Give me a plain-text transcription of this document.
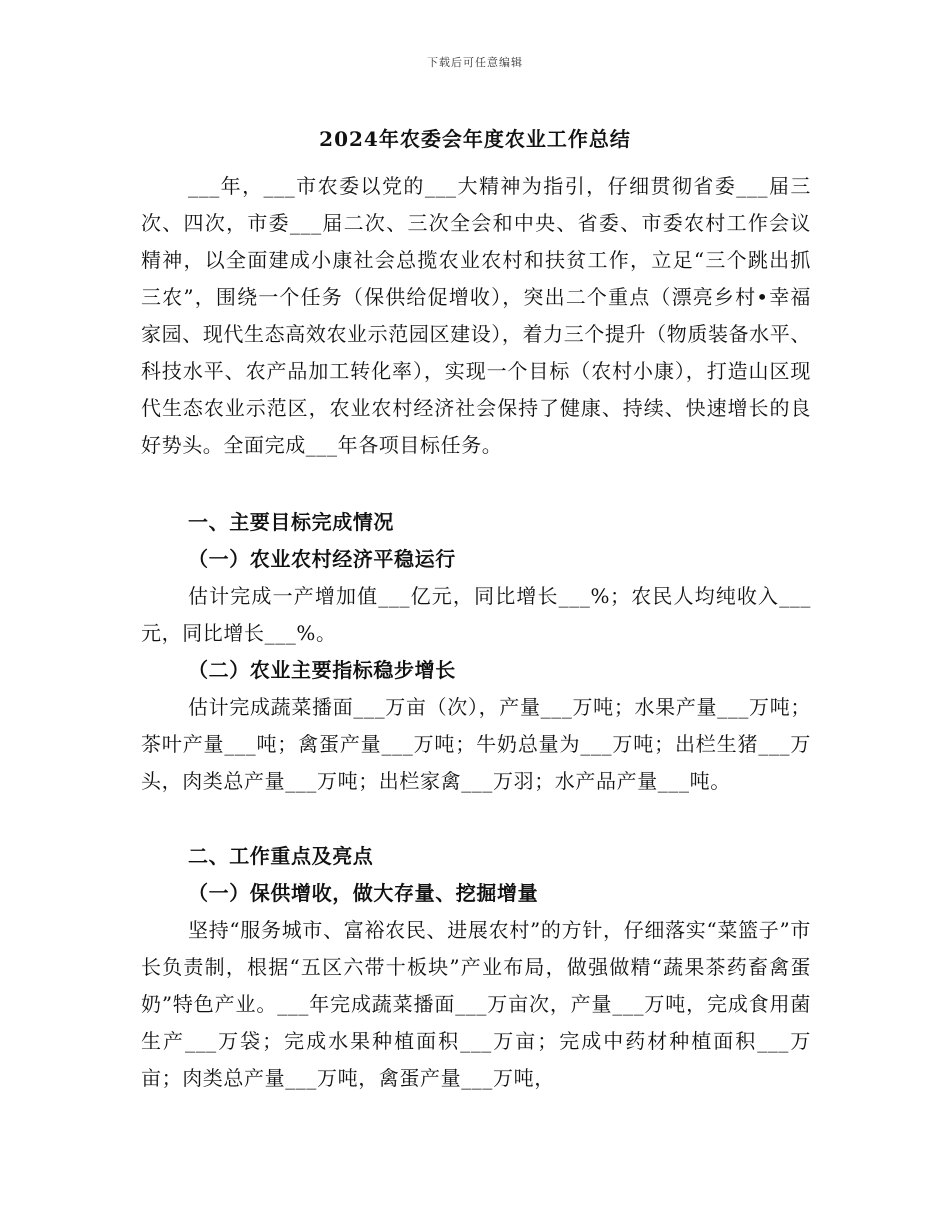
下载后可任意编辑
2024年农委会年度农业工作总结

___年，___市农委以党的___大精神为指引，仔细贯彻省委___届三次、四次，市委___届二次、三次全会和中央、省委、市委农村工作会议精神，以全面建成小康社会总揽农业农村和扶贫工作，立足“三个跳出抓三农”，围绕一个任务（保供给促增收），突出二个重点（漂亮乡村•幸福家园、现代生态高效农业示范园区建设），着力三个提升（物质装备水平、科技水平、农产品加工转化率），实现一个目标（农村小康），打造山区现代生态农业示范区，农业农村经济社会保持了健康、持续、快速增长的良好势头。全面完成___年各项目标任务。

一、主要目标完成情况
（一）农业农村经济平稳运行

估计完成一产增加值___亿元，同比增长___%；农民人均纯收入___元，同比增长___%。

（二）农业主要指标稳步增长

估计完成蔬菜播面___万亩（次），产量___万吨；水果产量___万吨；茶叶产量___吨；禽蛋产量___万吨；牛奶总量为___万吨；出栏生猪___万头，肉类总产量___万吨；出栏家禽___万羽；水产品产量___吨。

二、工作重点及亮点
（一）保供增收，做大存量、挖掘增量

坚持“服务城市、富裕农民、进展农村”的方针，仔细落实“菜篮子”市长负责制，根据“五区六带十板块”产业布局，做强做精“蔬果茶药畜禽蛋奶”特色产业。___年完成蔬菜播面___万亩次，产量___万吨，完成食用菌生产___万袋；完成水果种植面积___万亩；完成中药材种植面积___万亩；肉类总产量___万吨，禽蛋产量___万吨，
